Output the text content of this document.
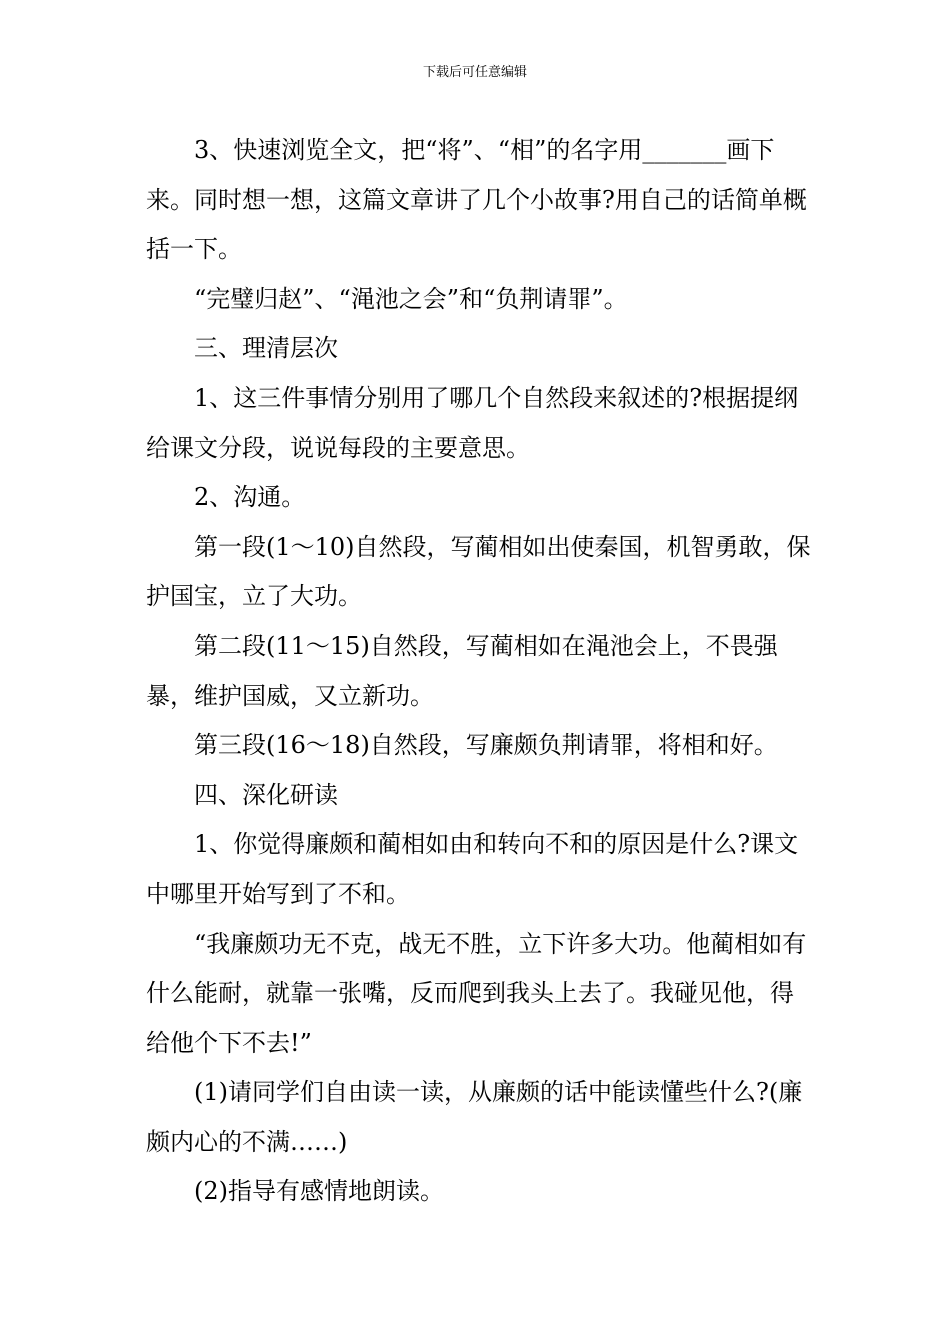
下载后可任意编辑

3、快速浏览全文，把“将”、“相”的名字用_______画下来。同时想一想，这篇文章讲了几个小故事?用自己的话简单概括一下。

“完璧归赵”、“渑池之会”和“负荆请罪”。

三、理清层次

1、这三件事情分别用了哪几个自然段来叙述的?根据提纲给课文分段，说说每段的主要意思。

2、沟通。

第一段(1～10)自然段，写蔺相如出使秦国，机智勇敢，保护国宝，立了大功。

第二段(11～15)自然段，写蔺相如在渑池会上，不畏强暴，维护国威，又立新功。

第三段(16～18)自然段，写廉颇负荆请罪，将相和好。

四、深化研读

1、你觉得廉颇和蔺相如由和转向不和的原因是什么?课文中哪里开始写到了不和。

“我廉颇功无不克，战无不胜，立下许多大功。他蔺相如有什么能耐，就靠一张嘴，反而爬到我头上去了。我碰见他，得给他个下不去!”

(1)请同学们自由读一读，从廉颇的话中能读懂些什么?(廉颇内心的不满……)

(2)指导有感情地朗读。
